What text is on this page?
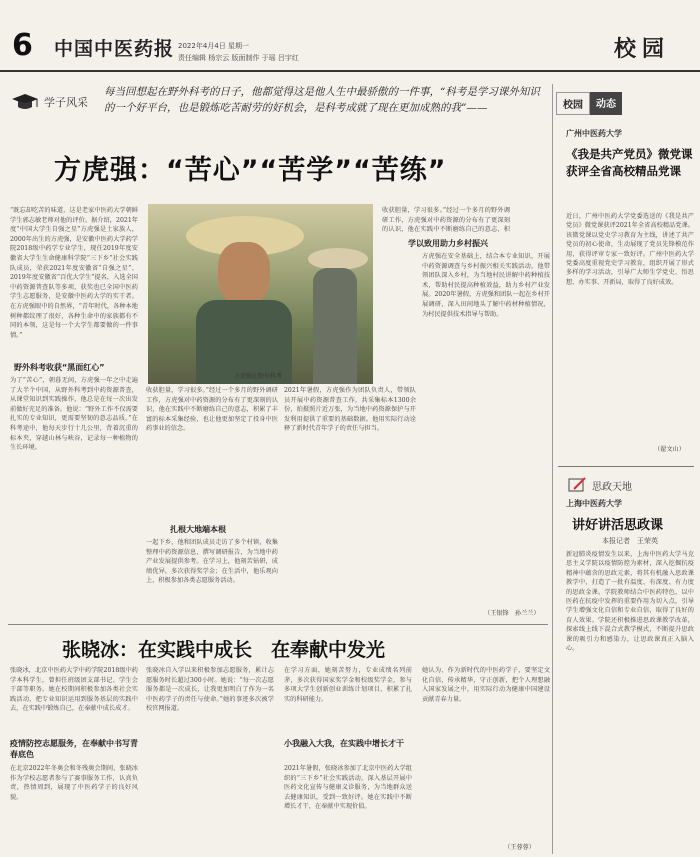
6 中国中医药报 2022年4月4日 星期一
责任编辑 杨宗云 版面制作 于瑶 吕宇红	校园
学子风采
每当回想起在野外科考的日子，他都觉得这是他人生中最骄傲的一件事，“科考是学习课外知识的一个好平台，也是锻炼吃苦耐劳的好机会，是科考成就了现在更加成熟的我”——
方虎强：“苦心”“苦学”“苦练”
“既忘却吃苦的味道，这是老家中医药大学朝鲜学生郭志敏老师对他的评价。据介绍，2021年度“中国大学生自强之星”方虎强是土家族人，2000年出生的方虎强，是安徽中医药大学药学院2018级中药学专业学生，现任2019年度安徽省大学生生命健康科学院“三下乡”社会实践队成员，荣获2021年度安徽省“自强之星”、2019年度安徽省“百优大学生”提名，入选全国中药资源普查队等多项，获奖也已全国中医药学生志愿服务，是安徽中医药大学的实干者。在方虎强眼中的自然界，“青年时代，各种本地树种都纹理了很好，各种生命中的家族都有不同的本领，这是每一个大学生都要做的一件事情。”
野外科考收获“黑面红心”
为了“苦心”，朝暮无间，方虎强一年之中走遍了大半个中国，从野外科考到中药资源普查，从课堂知识到实践操作，他总是在每一次出发前做好充足的准备。他说：“野外工作不仅需要扎实的专业知识，更需要坚韧的意志品质。”在科考途中，他每天步行十几公里，背着沉重的标本夹，穿越山林与峡谷，记录每一种植物的生长环境。
方虎强在野外科考
收获胆量，学习很多。”经过一个多月的野外调研工作，方虎强对中药资源的分布有了更深刻的认识，他在实践中不断磨练自己的意志，积累了丰富的标本采集经验，也让他更加坚定了投身中医药事业的信念。
扎根大地端本根
一起下乡，他和团队成员走访了多个村镇，收集整理中药资源信息，撰写调研报告，为当地中药产业发展提供参考。在学习上，他刻苦钻研，成绩优异，多次获得奖学金；在生活中，他乐观向上，积极参加各类志愿服务活动。
2021年暑假，方虎强作为团队负责人，带领队员开展中药资源普查工作，共采集标本1300余份，拍摄照片近万张，为当地中药资源保护与开发利用提供了重要的基础数据。他用实际行动诠释了新时代青年学子的责任与担当。
收获胆量，学习很多。”经过一个多月的野外调研工作，方虎强对中药资源的分布有了更深刻的认识，他在实践中不断磨练自己的意志，积
学以致用助力乡村振兴
方虎强在安全基础上，结合本专业知识，开展中药资源调查与乡村振兴相关实践活动，他带领团队深入乡村，为当地村民讲解中药种植技术，帮助村民提高种植效益，助力乡村产业发展。2020年暑假，方虎强和团队一起在乡村开展调研，深入田间地头了解中药材种植情况，为村民提供技术指导与帮助。
（王银锋　孙兰兰）
张晓冰：在实践中成长　在奉献中发光
张晓冰，北京中医药大学中药学院2018级中药学本科学生，曾担任班级团支部书记、学生会干部等职务。她在校期间积极参加各类社会实践活动，把专业知识运用到服务基层的实践中去，在实践中锻炼自己，在奉献中成长成才。
疫情防控志愿服务，在奉献中书写青春底色
在北京2022年冬奥会和冬残奥会期间，张晓冰作为学校志愿者参与了赛事服务工作，认真负责，热情周到，展现了中医药学子的良好风貌。
张晓冰自入学以来积极参加志愿服务，累计志愿服务时长超过300小时。她说：“每一次志愿服务都是一次成长，让我更加明白了作为一名中医药学子的责任与使命。”她的事迹多次被学校官网报道。
在学习方面，她刻苦努力，专业成绩名列前茅，多次获得国家奖学金和校级奖学金，参与多项大学生创新创业训练计划项目，积累了扎实的科研能力。
小我融入大我，在实践中增长才干
2021年暑假，张晓冰参加了北京中医药大学组织的“三下乡”社会实践活动，深入基层开展中医药文化宣传与健康义诊服务，为当地群众送去健康知识，受到一致好评。她在实践中不断增长才干，在奉献中实现价值。
她认为，作为新时代的中医药学子，要坚定文化自信，传承精华，守正创新，把个人理想融入国家发展之中，用实际行动为健康中国建设贡献青春力量。
（王蓉蓉）
校园	动态
广州中医药大学
《我是共产党员》微党课获评全省高校精品党课
近日，广州中医药大学党委选送的《我是共产党员》微党课获评2021年全省高校精品党课。该微党课以党史学习教育为主线，讲述了共产党员的初心使命，生动展现了党员先锋模范作用，获得评审专家一致好评。广州中医药大学党委高度重视党史学习教育，组织开展了形式多样的学习活动，引导广大师生学党史、悟思想、办实事、开新局，取得了良好成效。
（翟文山）
思政天地
上海中医药大学
讲好讲活思政课
本报记者　王荣英
新冠肺炎疫情发生以来，上海中医药大学马克思主义学院以疫情防控为素材，深入挖掘抗疫精神中蕴含的思政元素，将其有机融入思政课教学中，打造了一批有温度、有深度、有力度的思政金课。学院教师结合中医药特色，以中医药在抗疫中发挥的重要作用为切入点，引导学生增强文化自信和专业自信，取得了良好的育人效果。学院还积极推进思政课教学改革，探索线上线下混合式教学模式，不断提升思政课的吸引力和感染力，让思政课真正入脑入心。
